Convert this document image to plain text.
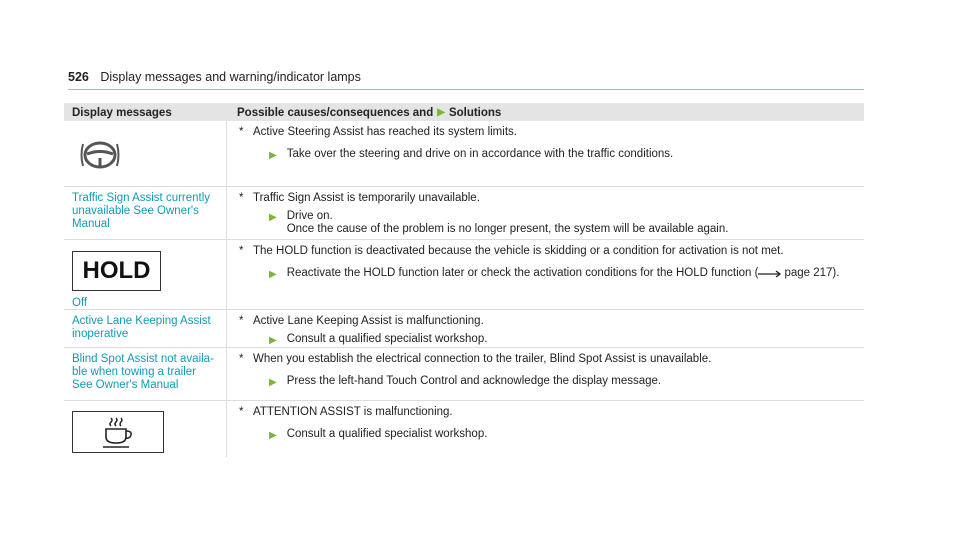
526 Display messages and warning/indicator lamps
Display messages	Possible causes/consequences and ▶ Solutions
* Active Steering Assist has reached its system limits.
▶ Take over the steering and drive on in accordance with the traffic conditions.
Traffic Sign Assist currently
unavailable See Owner's
Manual
* Traffic Sign Assist is temporarily unavailable.
▶ Drive on.
Once the cause of the problem is no longer present, the system will be available again.
HOLD
Off
* The HOLD function is deactivated because the vehicle is skidding or a condition for activation is not met.
▶ Reactivate the HOLD function later or check the activation conditions for the HOLD function ( page 217).
Active Lane Keeping Assist
inoperative
* Active Lane Keeping Assist is malfunctioning.
▶ Consult a qualified specialist workshop.
Blind Spot Assist not availa-
ble when towing a trailer
See Owner's Manual
* When you establish the electrical connection to the trailer, Blind Spot Assist is unavailable.
▶ Press the left-hand Touch Control and acknowledge the display message.
* ATTENTION ASSIST is malfunctioning.
▶ Consult a qualified specialist workshop.
